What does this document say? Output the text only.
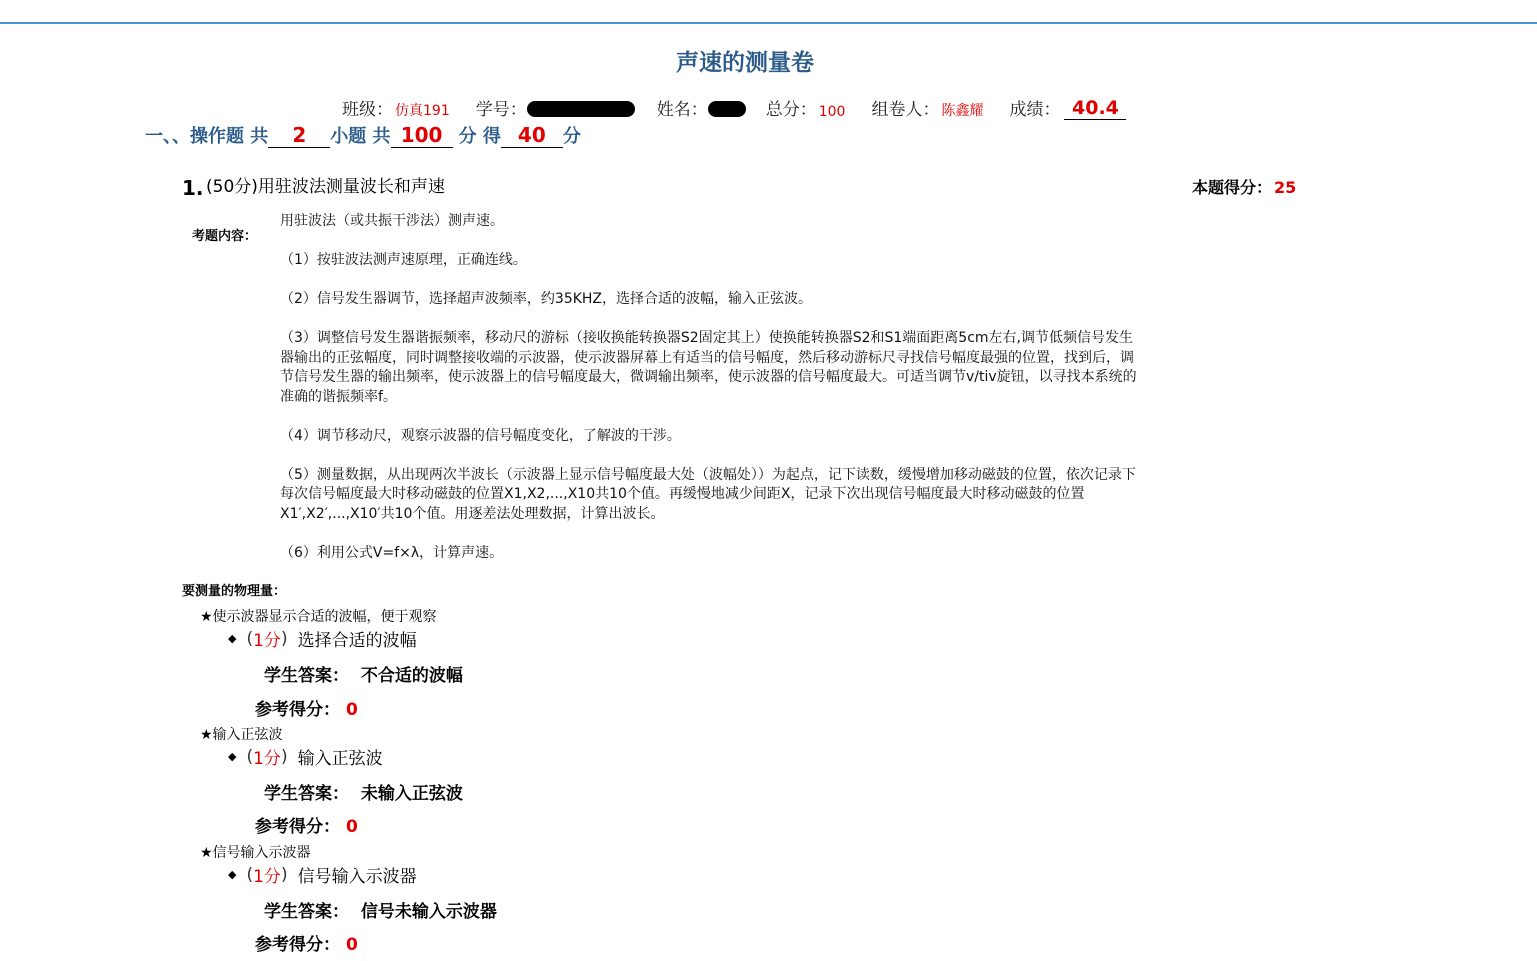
声速的测量卷
班级： 仿真191 学号：	姓名：	总分： 100 组卷人： 陈鑫耀 成绩： 40.4
一、、操作题 共	2	小题 共 100 分 得 40 分
1. (50分)用驻波法测量波长和声速	本题得分： 25
考题内容：

用驻波法（或共振干涉法）测声速。

（1）按驻波法测声速原理，正确连线。

（2）信号发生器调节，选择超声波频率，约35KHZ，选择合适的波幅，输入正弦波。

（3）调整信号发生器谐振频率，移动尺的游标（接收换能转换器S2固定其上）使换能转换器S2和S1端面距离5cm左右,调节低频信号发生器输出的正弦幅度，同时调整接收端的示波器，使示波器屏幕上有适当的信号幅度，然后移动游标尺寻找信号幅度最强的位置，找到后，调节信号发生器的输出频率，使示波器上的信号幅度最大，微调输出频率，使示波器的信号幅度最大。可适当调节v/tiv旋钮，以寻找本系统的准确的谐振频率f。

（4）调节移动尺，观察示波器的信号幅度变化，了解波的干涉。

（5）测量数据，从出现两次半波长（示波器上显示信号幅度最大处（波幅处））为起点，记下读数，缓慢增加移动磁鼓的位置，依次记录下每次信号幅度最大时移动磁鼓的位置X1,X2,...,X10共10个值。再缓慢地减少间距X，记录下次出现信号幅度最大时移动磁鼓的位置X1′,X2′,...,X10′共10个值。用逐差法处理数据，计算出波长。

（6）利用公式V=f×λ，计算声速。

要测量的物理量：
★使示波器显示合适的波幅，便于观察
◆ ( 1分 ) 选择合适的波幅
学生答案： 不合适的波幅
参考得分： 0
★输入正弦波
◆ ( 1分 ) 输入正弦波
学生答案： 未输入正弦波
参考得分： 0
★信号输入示波器
◆ ( 1分 ) 信号输入示波器
学生答案： 信号未输入示波器
参考得分： 0
